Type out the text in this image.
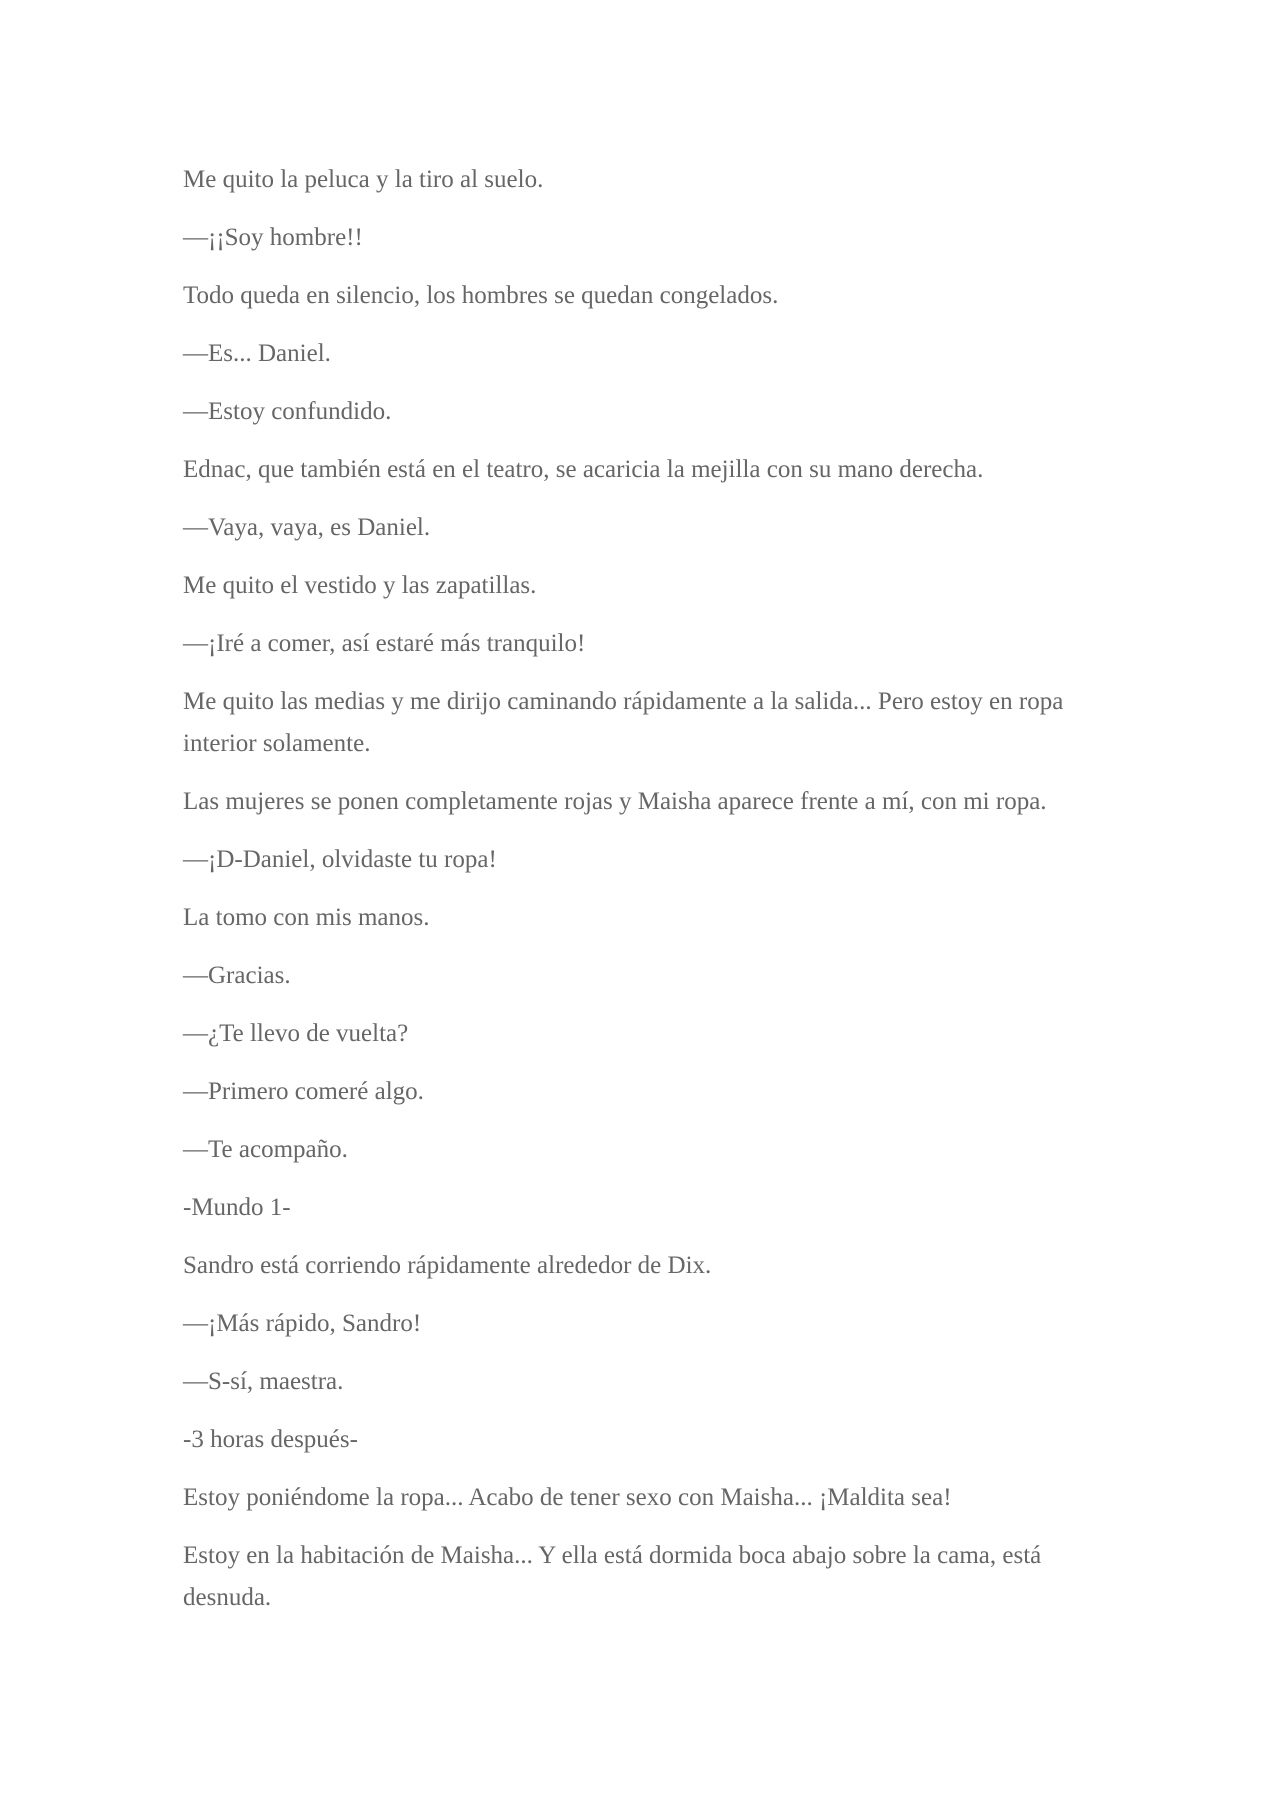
Me quito la peluca y la tiro al suelo.

—¡¡Soy hombre!!

Todo queda en silencio, los hombres se quedan congelados.

—Es... Daniel.

—Estoy confundido.

Ednac, que también está en el teatro, se acaricia la mejilla con su mano derecha.

—Vaya, vaya, es Daniel.

Me quito el vestido y las zapatillas.

—¡Iré a comer, así estaré más tranquilo!

Me quito las medias y me dirijo caminando rápidamente a la salida... Pero estoy en ropa interior solamente.

Las mujeres se ponen completamente rojas y Maisha aparece frente a mí, con mi ropa.

—¡D-Daniel, olvidaste tu ropa!

La tomo con mis manos.

—Gracias.

—¿Te llevo de vuelta?

—Primero comeré algo.

—Te acompaño.

-Mundo 1-

Sandro está corriendo rápidamente alrededor de Dix.

—¡Más rápido, Sandro!

—S-sí, maestra.

-3 horas después-

Estoy poniéndome la ropa... Acabo de tener sexo con Maisha... ¡Maldita sea!

Estoy en la habitación de Maisha... Y ella está dormida boca abajo sobre la cama, está desnuda.
